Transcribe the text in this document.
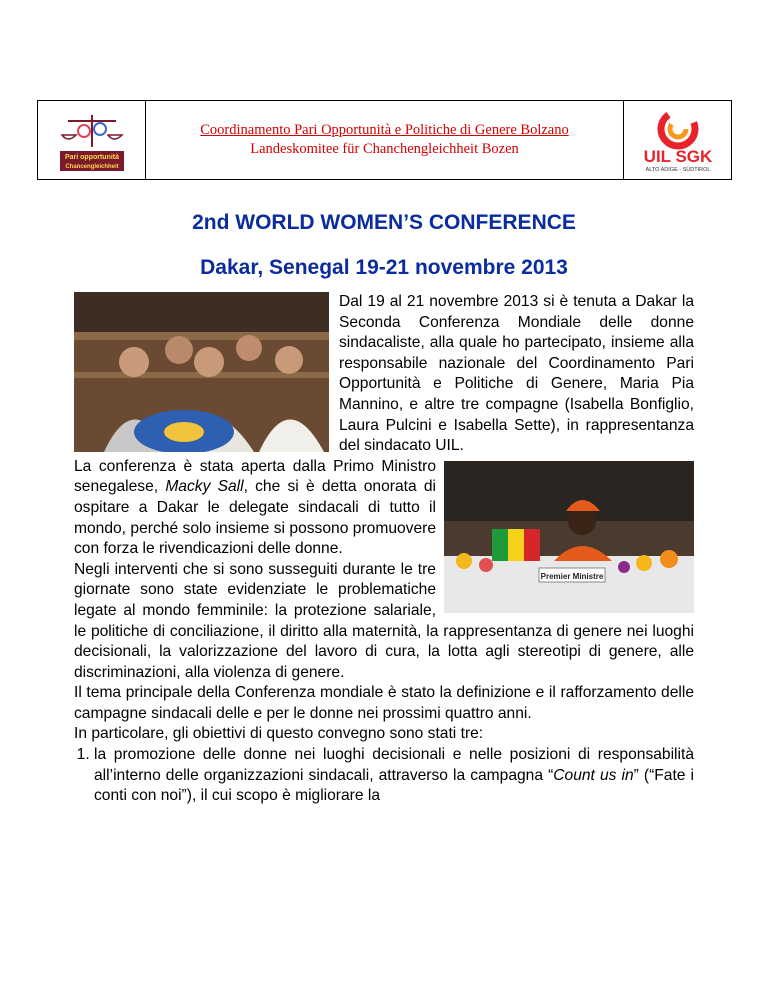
Pari opportunità
Chancengleichheit
Coordinamento Pari Opportunità e Politiche di Genere Bolzano
Landeskomitee für Chanchengleichheit Bozen	UIL SGK
ALTO ADIGE - SÜDTIROL
2nd WORLD WOMEN’S CONFERENCE
Dakar, Senegal 19-21 novembre 2013

Dal 19 al 21 novembre 2013 si è tenuta a Dakar la Seconda Conferenza Mondiale delle donne sindacaliste, alla quale ho partecipato, insieme alla responsabile nazionale del Coordinamento Pari Opportunità e Politiche di Genere, Maria Pia Mannino, e altre tre compagne (Isabella Bonfiglio, Laura Pulcini e Isabella Sette), in rappresentanza del sindacato UIL.

Premier Ministre

La conferenza è stata aperta dalla Primo Ministro senegalese, Macky Sall, che si è detta onorata di ospitare a Dakar le delegate sindacali di tutto il mondo, perché solo insieme si possono promuovere con forza le rivendicazioni delle donne.

Negli interventi che si sono susseguiti durante le tre giornate sono state evidenziate le problematiche legate al mondo femminile: la protezione salariale, le politiche di conciliazione, il diritto alla maternità, la rappresentanza di genere nei luoghi decisionali, la valorizzazione del lavoro di cura, la lotta agli stereotipi di genere, alle discriminazioni, alla violenza di genere.

Il tema principale della Conferenza mondiale è stato la definizione e il rafforzamento delle campagne sindacali delle e per le donne nei prossimi quattro anni.

In particolare, gli obiettivi di questo convegno sono stati tre:

1. la promozione delle donne nei luoghi decisionali e nelle posizioni di responsabilità all’interno delle organizzazioni sindacali, attraverso la campagna “Count us in” (“Fate i conti con noi”), il cui scopo è migliorare la
